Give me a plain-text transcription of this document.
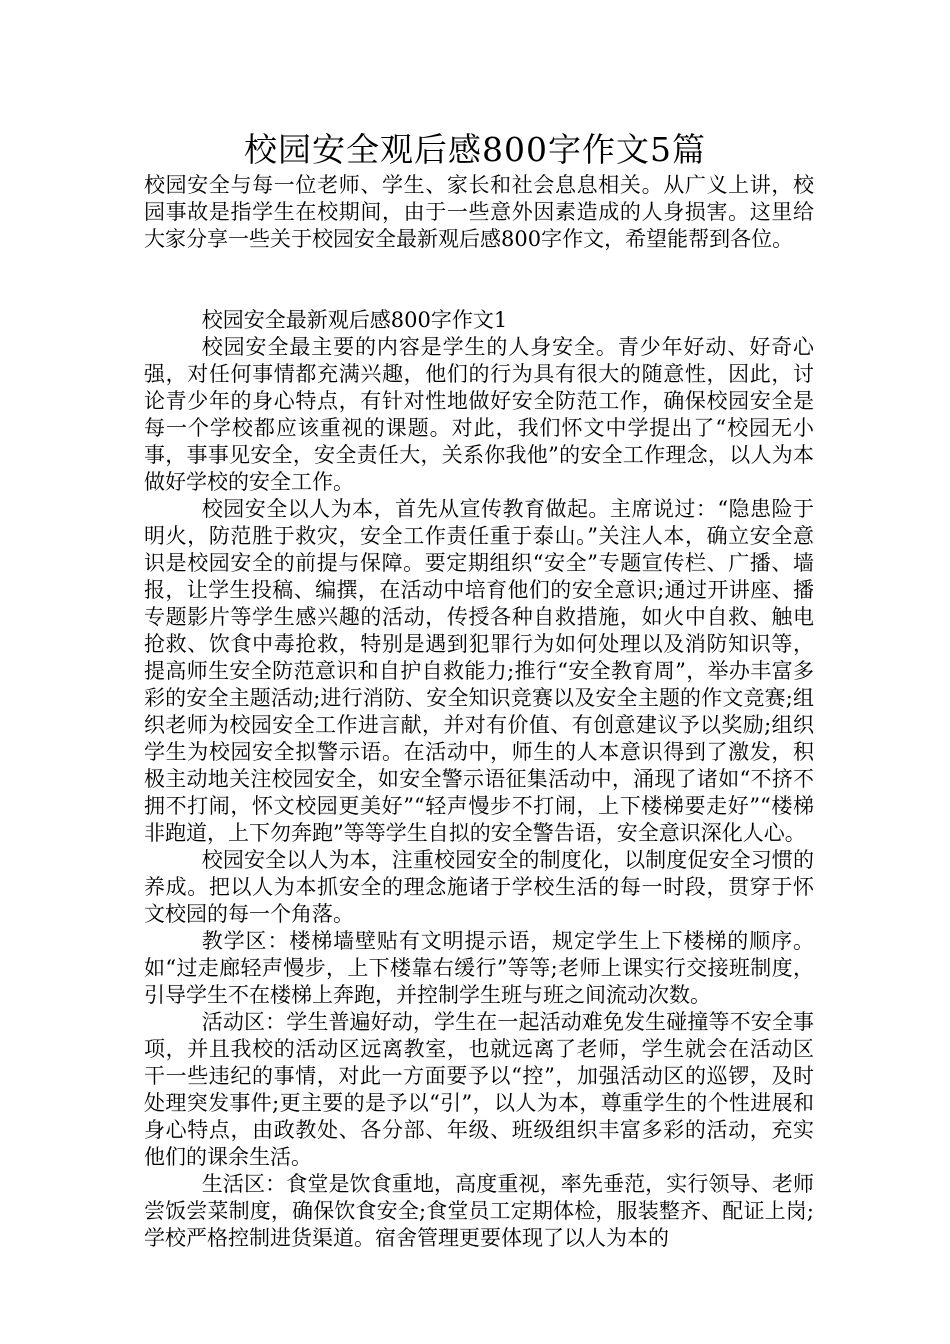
校园安全观后感800字作文5篇

校园安全与每一位老师、学生、家长和社会息息相关。从广义上讲，校园事故是指学生在校期间，由于一些意外因素造成的人身损害。这里给大家分享一些关于校园安全最新观后感800字作文，希望能帮到各位。

校园安全最新观后感800字作文1

校园安全最主要的内容是学生的人身安全。青少年好动、好奇心强，对任何事情都充满兴趣，他们的行为具有很大的随意性，因此，讨论青少年的身心特点，有针对性地做好安全防范工作，确保校园安全是每一个学校都应该重视的课题。对此，我们怀文中学提出了“校园无小事，事事见安全，安全责任大，关系你我他”的安全工作理念，以人为本做好学校的安全工作。

校园安全以人为本，首先从宣传教育做起。主席说过：“隐患险于明火，防范胜于救灾，安全工作责任重于泰山。”关注人本，确立安全意识是校园安全的前提与保障。要定期组织“安全”专题宣传栏、广播、墙报，让学生投稿、编撰，在活动中培育他们的安全意识;通过开讲座、播专题影片等学生感兴趣的活动，传授各种自救措施，如火中自救、触电抢救、饮食中毒抢救，特别是遇到犯罪行为如何处理以及消防知识等，提高师生安全防范意识和自护自救能力;推行“安全教育周”，举办丰富多彩的安全主题活动;进行消防、安全知识竞赛以及安全主题的作文竞赛;组织老师为校园安全工作进言献，并对有价值、有创意建议予以奖励;组织学生为校园安全拟警示语。在活动中，师生的人本意识得到了激发，积极主动地关注校园安全，如安全警示语征集活动中，涌现了诸如“不挤不拥不打闹，怀文校园更美好”“轻声慢步不打闹，上下楼梯要走好”“楼梯非跑道，上下勿奔跑”等等学生自拟的安全警告语，安全意识深化人心。

校园安全以人为本，注重校园安全的制度化，以制度促安全习惯的养成。把以人为本抓安全的理念施诸于学校生活的每一时段，贯穿于怀文校园的每一个角落。

教学区：楼梯墙壁贴有文明提示语，规定学生上下楼梯的顺序。如“过走廊轻声慢步，上下楼靠右缓行”等等;老师上课实行交接班制度，引导学生不在楼梯上奔跑，并控制学生班与班之间流动次数。

活动区：学生普遍好动，学生在一起活动难免发生碰撞等不安全事项，并且我校的活动区远离教室，也就远离了老师，学生就会在活动区干一些违纪的事情，对此一方面要予以“控”，加强活动区的巡锣，及时处理突发事件;更主要的是予以“引”，以人为本，尊重学生的个性进展和身心特点，由政教处、各分部、年级、班级组织丰富多彩的活动，充实他们的课余生活。

生活区：食堂是饮食重地，高度重视，率先垂范，实行领导、老师尝饭尝菜制度，确保饮食安全;食堂员工定期体检，服装整齐、配证上岗;学校严格控制进货渠道。宿舍管理更要体现了以人为本的
